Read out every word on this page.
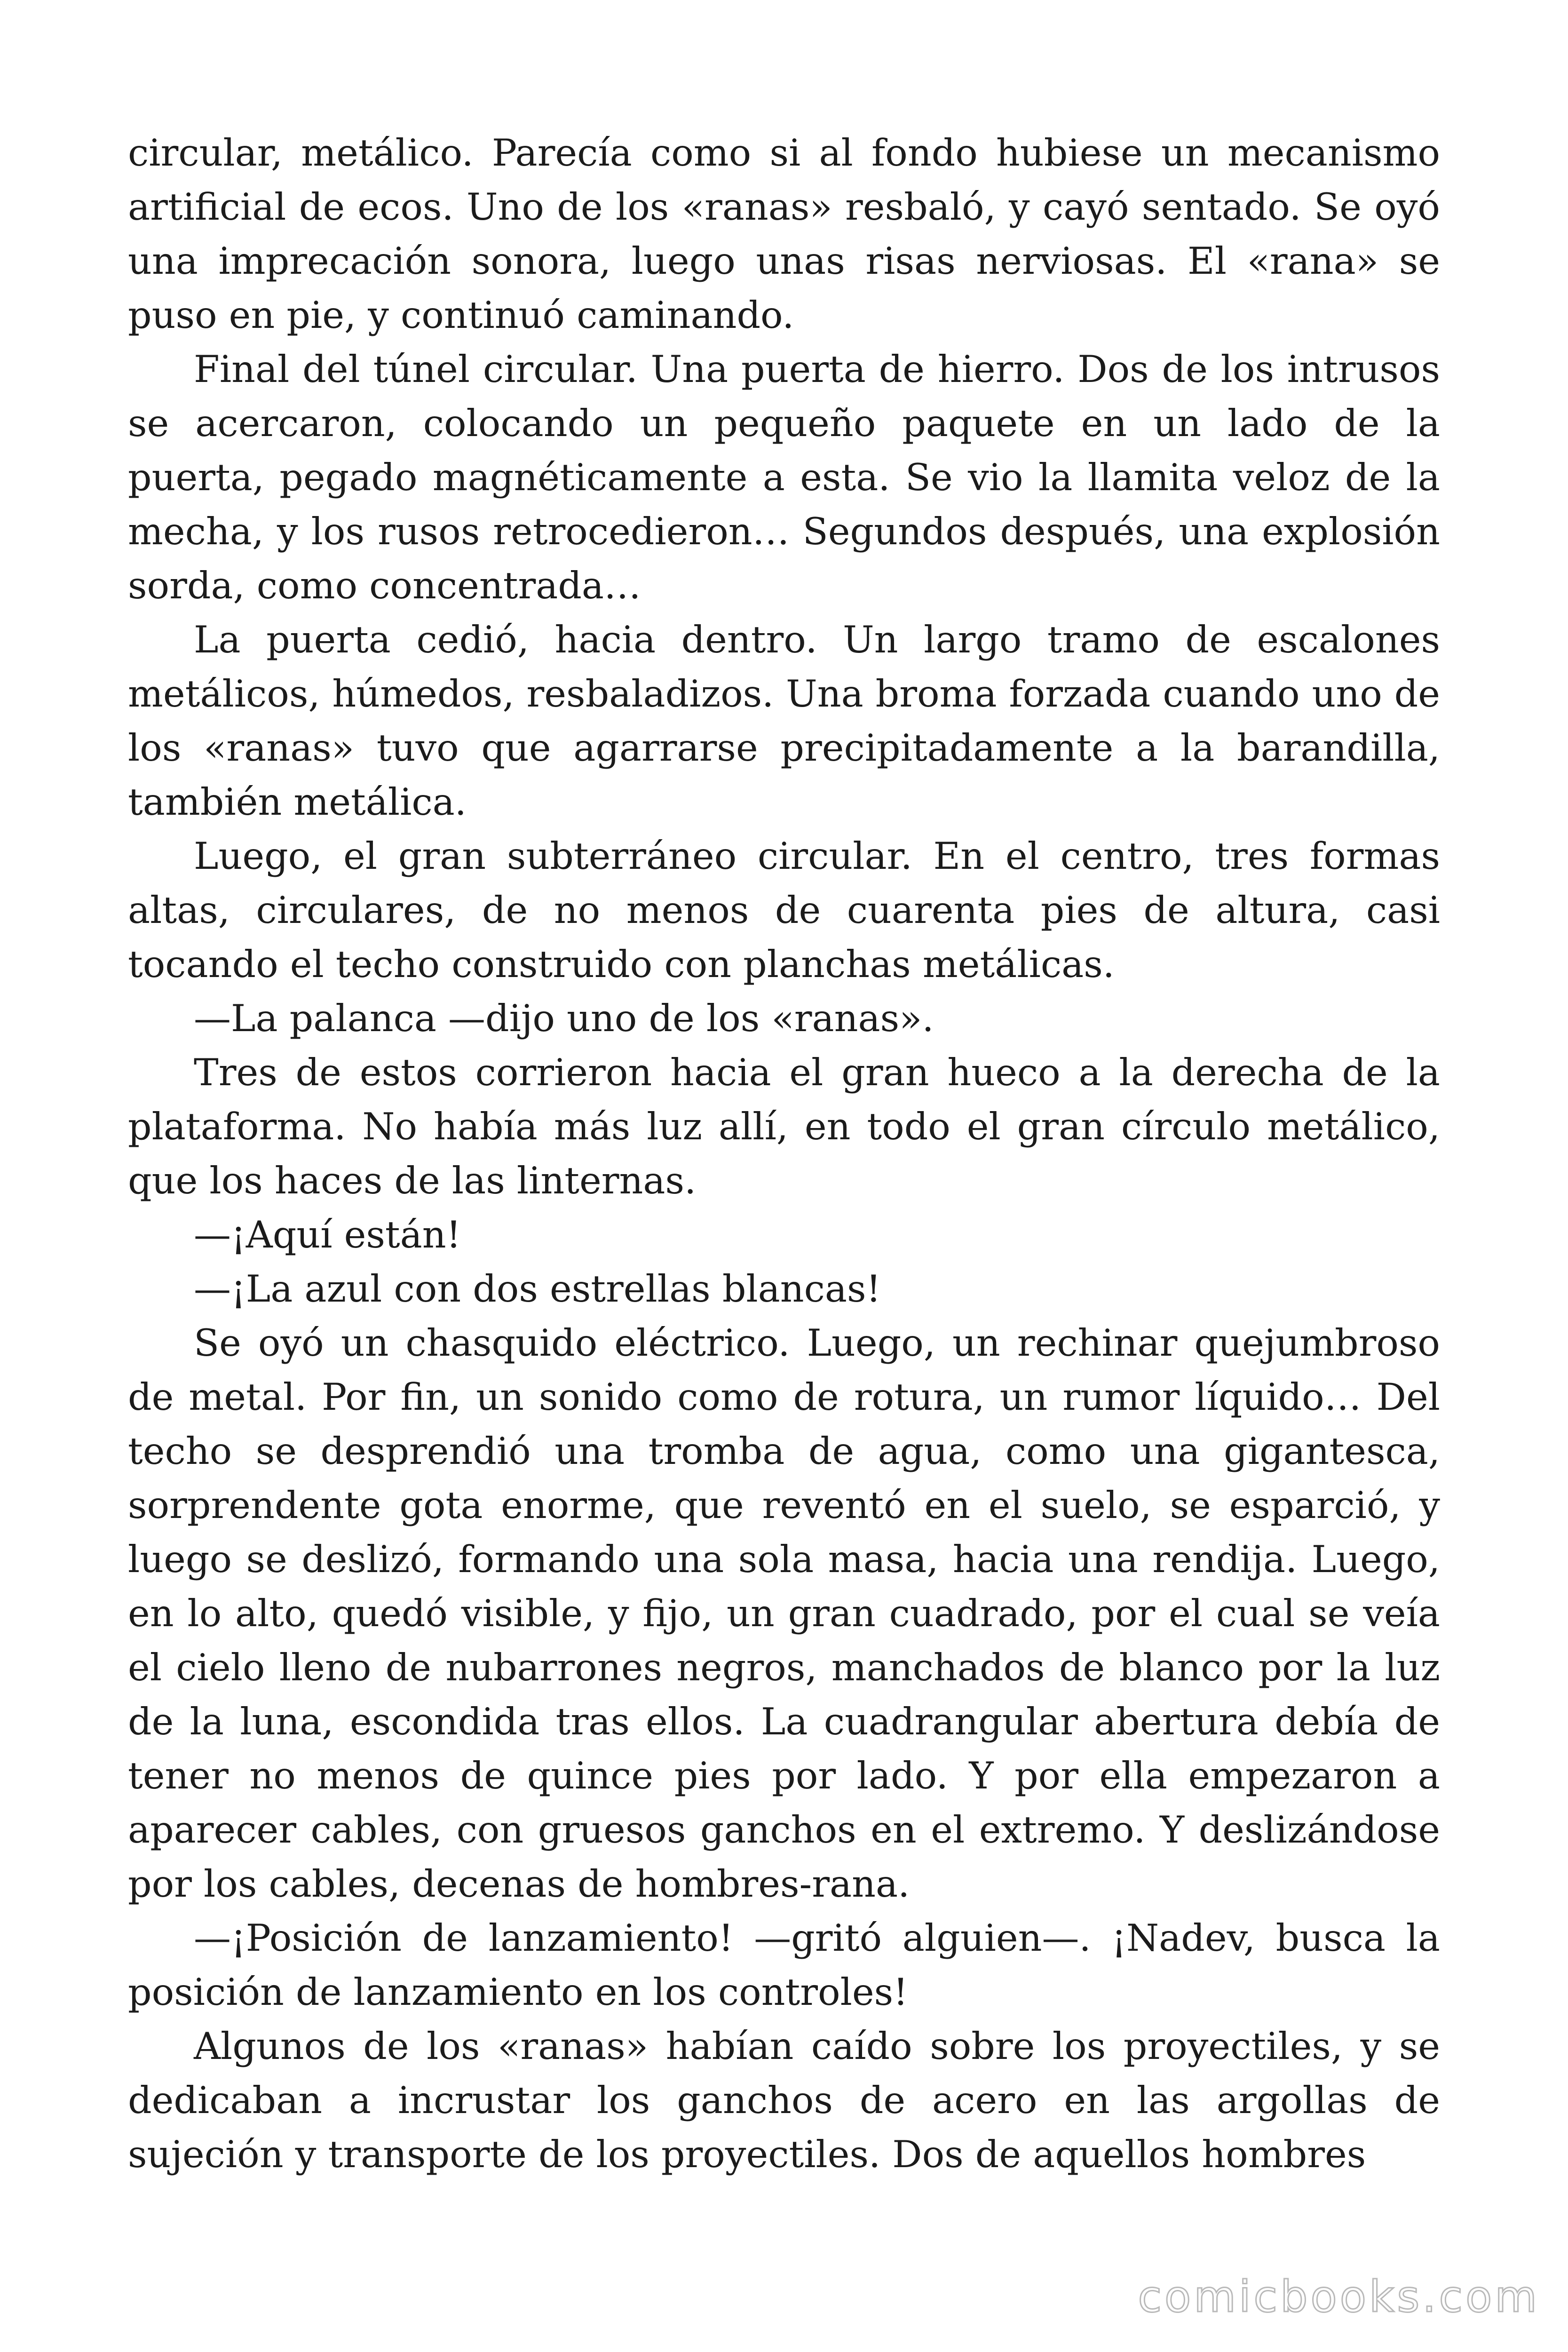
circular, metálico. Parecía como si al fondo hubiese un mecanismo artificial de ecos. Uno de los «ranas» resbaló, y cayó sentado. Se oyó una imprecación sonora, luego unas risas nerviosas. El «rana» se puso en pie, y continuó caminando.

Final del túnel circular. Una puerta de hierro. Dos de los intrusos se acercaron, colocando un pequeño paquete en un lado de la puerta, pegado magnéticamente a esta. Se vio la llamita veloz de la mecha, y los rusos retrocedieron… Segundos después, una explosión sorda, como concentrada…

La puerta cedió, hacia dentro. Un largo tramo de escalones metálicos, húmedos, resbaladizos. Una broma forzada cuando uno de los «ranas» tuvo que agarrarse precipitadamente a la barandilla, también metálica.

Luego, el gran subterráneo circular. En el centro, tres formas altas, circulares, de no menos de cuarenta pies de altura, casi tocando el techo construido con planchas metálicas.

—La palanca —dijo uno de los «ranas».

Tres de estos corrieron hacia el gran hueco a la derecha de la plataforma. No había más luz allí, en todo el gran círculo metálico, que los haces de las linternas.

—¡Aquí están!

—¡La azul con dos estrellas blancas!

Se oyó un chasquido eléctrico. Luego, un rechinar quejumbroso de metal. Por fin, un sonido como de rotura, un rumor líquido… Del techo se desprendió una tromba de agua, como una gigantesca, sorprendente gota enorme, que reventó en el suelo, se esparció, y luego se deslizó, formando una sola masa, hacia una rendija. Luego, en lo alto, quedó visible, y fijo, un gran cuadrado, por el cual se veía el cielo lleno de nubarrones negros, manchados de blanco por la luz de la luna, escondida tras ellos. La cuadrangular abertura debía de tener no menos de quince pies por lado. Y por ella empezaron a aparecer cables, con gruesos ganchos en el extremo. Y deslizándose por los cables, decenas de hombres-rana.

—¡Posición de lanzamiento! —gritó alguien—. ¡Nadev, busca la posición de lanzamiento en los controles!

Algunos de los «ranas» habían caído sobre los proyectiles, y se dedicaban a incrustar los ganchos de acero en las argollas de sujeción y transporte de los proyectiles. Dos de aquellos hombres

comicbooks.com
